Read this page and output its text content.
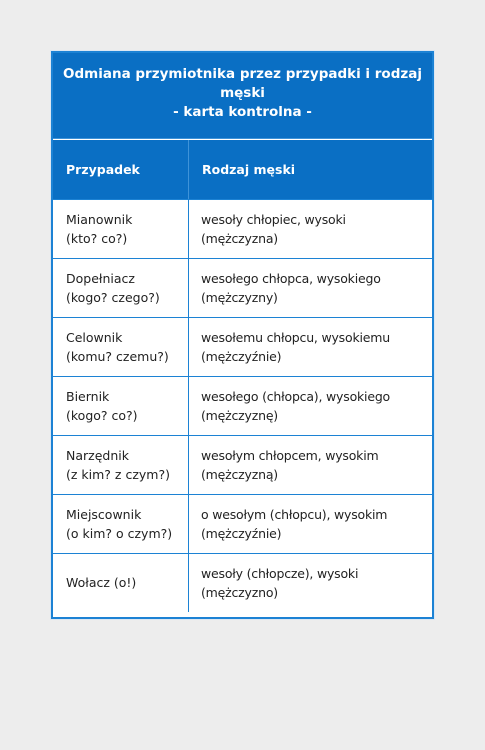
Odmiana przymiotnika przez przypadki i rodzaj
męski
- karta kontrolna -
Przypadek	Rodzaj męski
Mianownik
(kto? co?)
wesoły chłopiec, wysoki
(mężczyzna)
Dopełniacz
(kogo? czego?)
wesołego chłopca, wysokiego
(mężczyzny)
Celownik
(komu? czemu?)
wesołemu chłopcu, wysokiemu
(mężczyźnie)
Biernik
(kogo? co?)
wesołego (chłopca), wysokiego
(mężczyznę)
Narzędnik
(z kim? z czym?)
wesołym chłopcem, wysokim
(mężczyzną)
Miejscownik
(o kim? o czym?)
o wesołym (chłopcu), wysokim
(mężczyźnie)
Wołacz (o!)
wesoły (chłopcze), wysoki
(mężczyzno)
